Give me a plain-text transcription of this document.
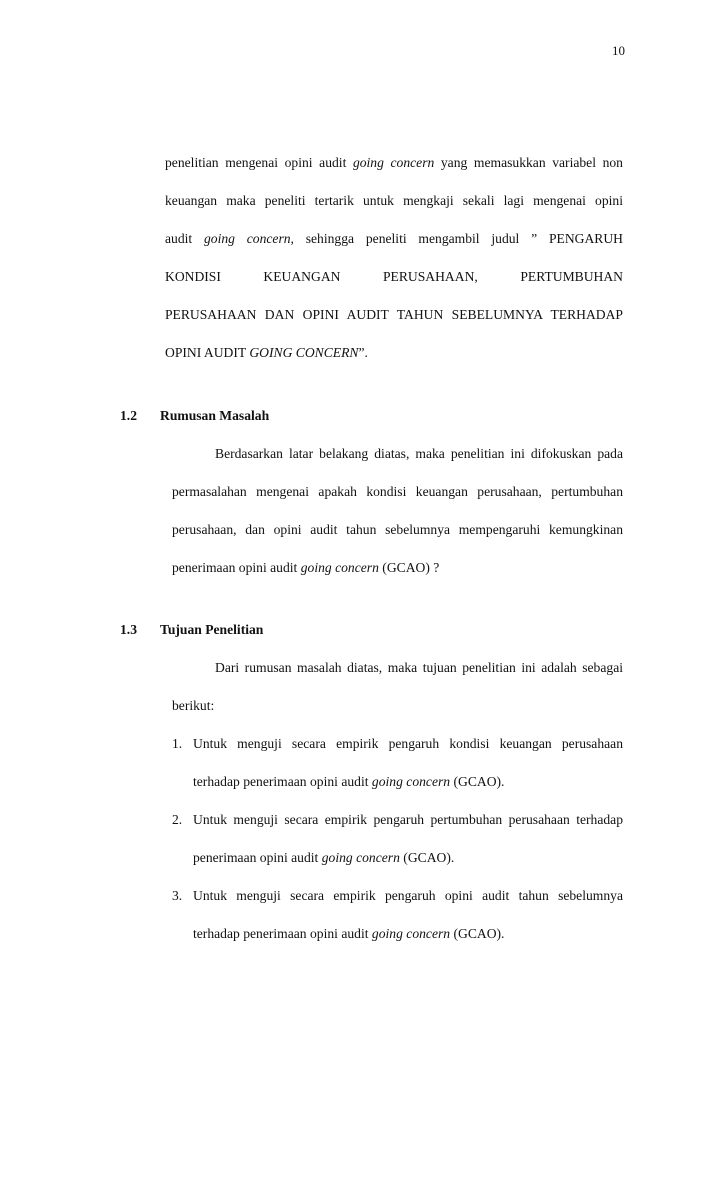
10
penelitian mengenai opini audit going concern yang memasukkan variabel non
keuangan maka peneliti tertarik untuk mengkaji sekali lagi mengenai opini
audit going concern, sehingga peneliti mengambil judul ” PENGARUH
KONDISI KEUANGAN PERUSAHAAN, PERTUMBUHAN
PERUSAHAAN DAN OPINI AUDIT TAHUN SEBELUMNYA TERHADAP
OPINI AUDIT GOING CONCERN”.
1.2 Rumusan Masalah
Berdasarkan latar belakang diatas, maka penelitian ini difokuskan pada
permasalahan mengenai apakah kondisi keuangan perusahaan, pertumbuhan
perusahaan, dan opini audit tahun sebelumnya mempengaruhi kemungkinan
penerimaan opini audit going concern (GCAO) ?
1.3 Tujuan Penelitian
Dari rumusan masalah diatas, maka tujuan penelitian ini adalah sebagai
berikut:
1. Untuk menguji secara empirik pengaruh kondisi keuangan perusahaan
terhadap penerimaan opini audit going concern (GCAO).
2. Untuk menguji secara empirik pengaruh pertumbuhan perusahaan terhadap
penerimaan opini audit going concern (GCAO).
3. Untuk menguji secara empirik pengaruh opini audit tahun sebelumnya
terhadap penerimaan opini audit going concern (GCAO).
